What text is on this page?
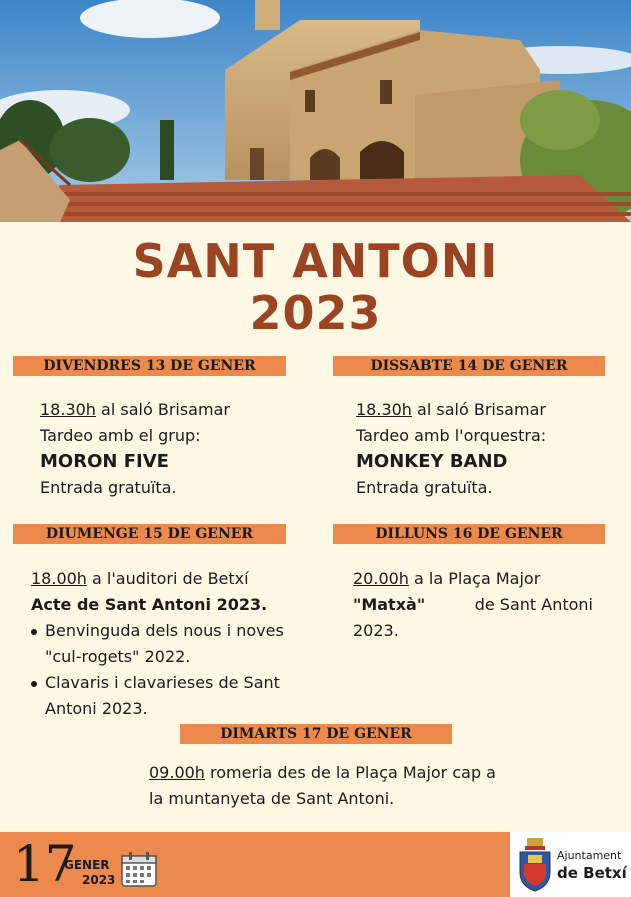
SANT ANTONI
2023
DIVENDRES 13 DE GENER
18.30h al saló Brisamar
Tardeo amb el grup:
MORON FIVE
Entrada gratuïta.
DISSABTE 14 DE GENER
18.30h al saló Brisamar
Tardeo amb l'orquestra:
MONKEY BAND
Entrada gratuïta.
DIUMENGE 15 DE GENER
18.00h a l'auditori de Betxí
Acte de Sant Antoni 2023.
Benvinguda dels nous i noves "cul-rogets" 2022.
Clavaris i clavarieses de Sant Antoni 2023.
DILLUNS 16 DE GENER
20.00h a la Plaça Major
"Matxà"	de Sant Antoni
2023.
DIMARTS 17 DE GENER
09.00h romeria des de la Plaça Major cap a
la muntanyeta de Sant Antoni.
17
GENER
2023
Ajuntament
de Betxí
